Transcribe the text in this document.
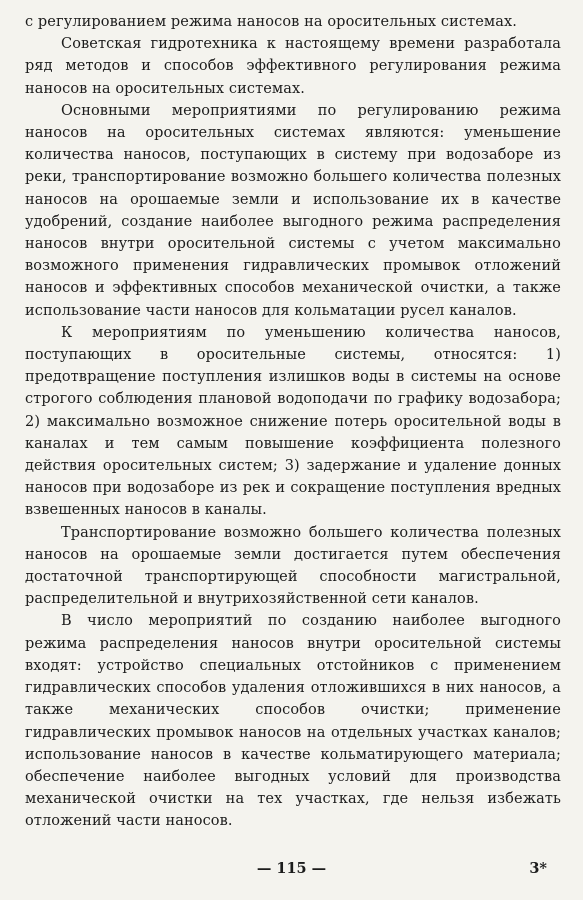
с регулированием режима наносов на оросительных системах.

Советская гидротехника к настоящему времени разработала ряд методов и способов эффективного регулирования режима наносов на оросительных системах.

Основными мероприятиями по регулированию режима наносов на оросительных системах являются: уменьшение количества наносов, поступающих в систему при водозаборе из реки, транспортирование возможно большего количества полезных наносов на орошаемые земли и использование их в качестве удобрений, создание наиболее выгодного режима распределения наносов внутри оросительной системы с учетом максимально возможного применения гидравлических промывок отложений наносов и эффективных способов механической очистки, а также использование части наносов для кольматации русел каналов.

К мероприятиям по уменьшению количества наносов, поступающих в оросительные системы, относятся: 1) предотвращение поступления излишков воды в системы на основе строгого соблюдения плановой водоподачи по графику водозабора; 2) максимально возможное снижение потерь оросительной воды в каналах и тем самым повышение коэффициента полезного действия оросительных систем; 3) задержание и удаление донных наносов при водозаборе из рек и сокращение поступления вредных взвешенных наносов в каналы.

Транспортирование возможно большего количества полезных наносов на орошаемые земли достигается путем обеспечения достаточной транспортирующей способности магистральной, распределительной и внутрихозяйственной сети каналов.

В число мероприятий по созданию наиболее выгодного режима распределения наносов внутри оросительной системы входят: устройство специальных отстойников с применением гидравлических способов удаления отложившихся в них наносов, а также механических способов очистки; применение гидравлических промывок наносов на отдельных участках каналов; использование наносов в качестве кольматирующего материала; обеспечение наиболее выгодных условий для производства механической очистки на тех участках, где нельзя избежать отложений части наносов.

— 115 —	3*
